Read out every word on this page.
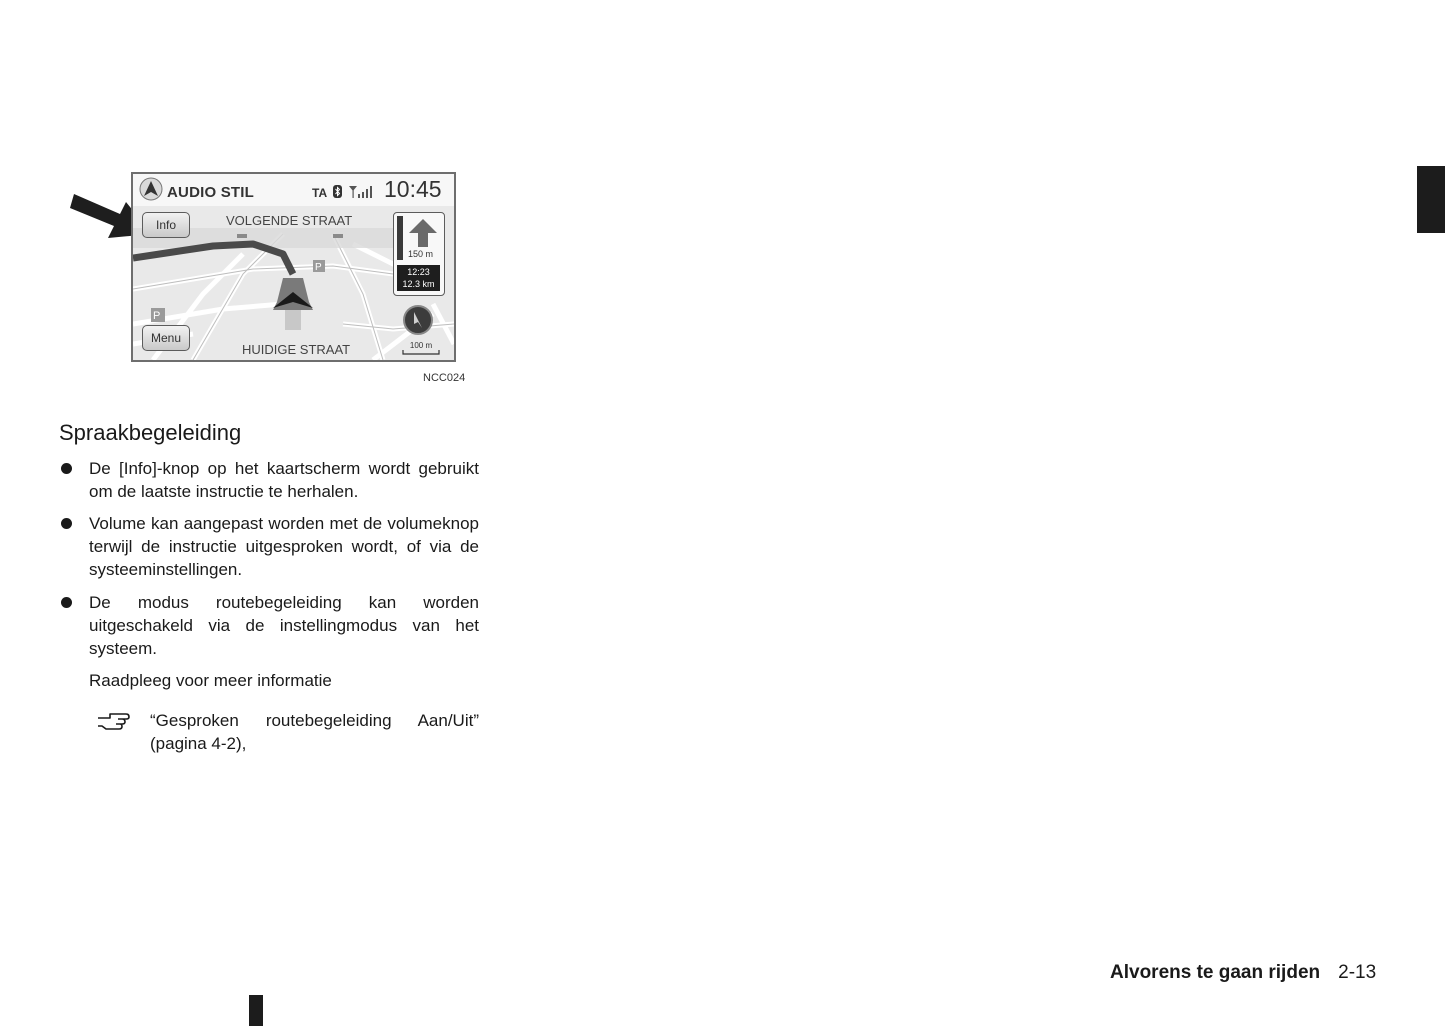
P
P
AUDIO STIL	TA 10:45
Info	VOLGENDE STRAAT
150 m
12:23
12.3 km
Menu
HUIDIGE STRAAT	100 m
NCC024
Spraakbegeleiding

De [Info]-knop op het kaartscherm wordt gebruikt om de laatste instructie te herhalen.

Volume kan aangepast worden met de volumeknop terwijl de instructie uitgesproken wordt, of via de systeeminstellingen.

De modus routebegeleiding kan worden uitgeschakeld via de instellingmodus van het systeem.

Raadpleeg voor meer informatie

“Gesproken routebegeleiding Aan/Uit” (pagina 4-2),

Alvorens te gaan rijden 2-13
